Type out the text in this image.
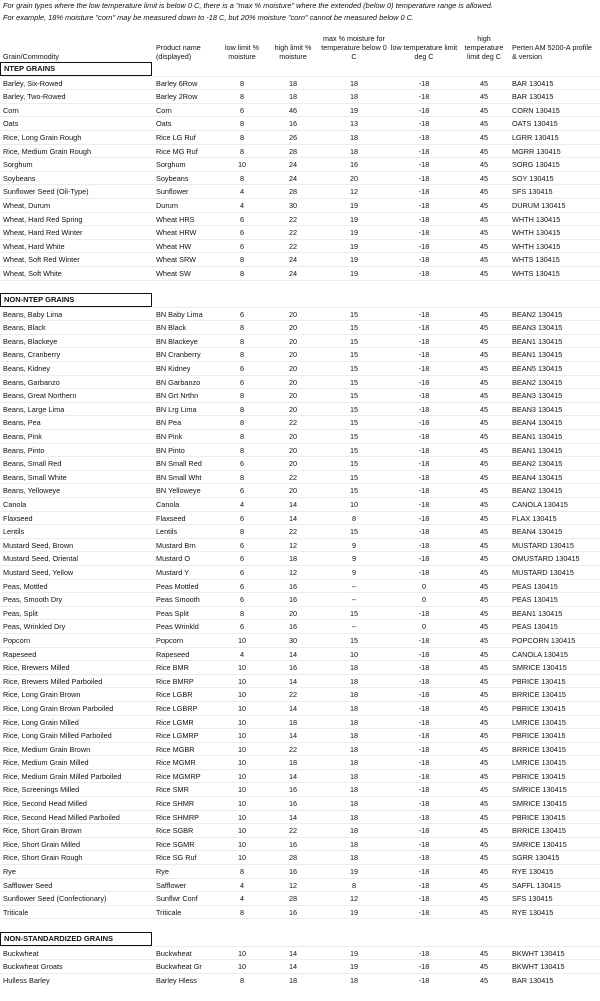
For grain types where the low temperature limit is below 0 C, there is a "max % moisture" where the extended (below 0) temperature range is allowed.
For example, 18% moisture "corn" may be measured down to -18 C, but 20% moisture "corn" cannot be measured below 0 C.
Grain/Commodity
Product name (displayed)
low limit % moisture
high limit % moisture
max % moisture for temperature below 0 C
low temperature limit deg C
high temperature limit deg C
Perten AM 5200-A profile & version
NTEP GRAINS
Barley, Six-Rowed	Barley 6Row	8	18	18	-18	45	BAR 130415
Barley, Two-Rowed	Barley 2Row	8	18	18	-18	45	BAR 130415
Corn	Corn	6	46	19	-18	45	CORN 130415
Oats	Oats	8	16	13	-18	45	OATS 130415
Rice, Long Grain Rough	Rice LG Ruf	8	26	18	-18	45	LGRR 130415
Rice, Medium Grain Rough	Rice MG Ruf	8	28	18	-18	45	MGRR 130415
Sorghum	Sorghum	10	24	16	-18	45	SORG 130415
Soybeans	Soybeans	8	24	20	-18	45	SOY 130415
Sunflower Seed (Oil-Type)	Sunflower	4	28	12	-18	45	SFS 130415
Wheat, Durum	Durum	4	30	19	-18	45	DURUM 130415
Wheat, Hard Red Spring	Wheat HRS	6	22	19	-18	45	WHTH 130415
Wheat, Hard Red Winter	Wheat HRW	6	22	19	-18	45	WHTH 130415
Wheat, Hard White	Wheat HW	6	22	19	-18	45	WHTH 130415
Wheat, Soft Red Winter	Wheat SRW	8	24	19	-18	45	WHTS 130415
Wheat, Soft White	Wheat SW	8	24	19	-18	45	WHTS 130415
NON-NTEP GRAINS
Beans, Baby Lima	BN Baby Lima	6	20	15	-18	45	BEAN2 130415
Beans, Black	BN Black	8	20	15	-18	45	BEAN3 130415
Beans, Blackeye	BN Blackeye	8	20	15	-18	45	BEAN1 130415
Beans, Cranberry	BN Cranberry	8	20	15	-18	45	BEAN1 130415
Beans, Kidney	BN Kidney	6	20	15	-18	45	BEAN5 130415
Beans, Garbanzo	BN Garbanzo	6	20	15	-18	45	BEAN2 130415
Beans, Great Northern	BN Grt Nrthn	8	20	15	-18	45	BEAN3 130415
Beans, Large Lima	BN Lrg Lima	8	20	15	-18	45	BEAN3 130415
Beans, Pea	BN Pea	8	22	15	-18	45	BEAN4 130415
Beans, Pink	BN Pink	8	20	15	-18	45	BEAN1 130415
Beans, Pinto	BN Pinto	8	20	15	-18	45	BEAN1 130415
Beans, Small Red	BN Small Red	6	20	15	-18	45	BEAN2 130415
Beans, Small White	BN Small Wht	8	22	15	-18	45	BEAN4 130415
Beans, Yelloweye	BN Yelloweye	6	20	15	-18	45	BEAN2 130415
Canola	Canola	4	14	10	-18	45	CANOLA 130415
Flaxseed	Flaxseed	6	14	8	-18	45	FLAX 130415
Lentils	Lentils	8	22	15	-18	45	BEAN4 130415
Mustard Seed, Brown	Mustard Brn	6	12	9	-18	45	MUSTARD 130415
Mustard Seed, Oriental	Mustard O	6	18	9	-18	45	OMUSTARD 130415
Mustard Seed, Yellow	Mustard Y	6	12	9	-18	45	MUSTARD 130415
Peas, Mottled	Peas Mottled	6	16	--	0	45	PEAS 130415
Peas, Smooth Dry	Peas Smooth	6	16	--	0	45	PEAS 130415
Peas, Split	Peas Split	8	20	15	-18	45	BEAN1 130415
Peas, Wrinkled Dry	Peas Wrinkld	6	16	--	0	45	PEAS 130415
Popcorn	Popcorn	10	30	15	-18	45	POPCORN 130415
Rapeseed	Rapeseed	4	14	10	-18	45	CANOLA 130415
Rice, Brewers Milled	Rice BMR	10	16	18	-18	45	SMRICE 130415
Rice, Brewers Milled Parboiled	Rice BMRP	10	14	18	-18	45	PBRICE 130415
Rice, Long Grain Brown	Rice LGBR	10	22	18	-18	45	BRRICE 130415
Rice, Long Grain Brown Parboiled	Rice LGBRP	10	14	18	-18	45	PBRICE 130415
Rice, Long Grain Milled	Rice LGMR	10	18	18	-18	45	LMRICE 130415
Rice, Long Grain Milled Parboiled	Rice LGMRP	10	14	18	-18	45	PBRICE 130415
Rice, Medium Grain Brown	Rice MGBR	10	22	18	-18	45	BRRICE 130415
Rice, Medium Grain Milled	Rice MGMR	10	18	18	-18	45	LMRICE 130415
Rice, Medium Grain Milled Parboiled	Rice MGMRP	10	14	18	-18	45	PBRICE 130415
Rice, Screenings Milled	Rice SMR	10	16	18	-18	45	SMRICE 130415
Rice, Second Head Milled	Rice SHMR	10	16	18	-18	45	SMRICE 130415
Rice, Second Head Milled Parboiled	Rice SHMRP	10	14	18	-18	45	PBRICE 130415
Rice, Short Grain Brown	Rice SGBR	10	22	18	-18	45	BRRICE 130415
Rice, Short Grain Milled	Rice SGMR	10	16	18	-18	45	SMRICE 130415
Rice, Short Grain Rough	Rice SG Ruf	10	28	18	-18	45	SGRR 130415
Rye	Rye	8	16	19	-18	45	RYE 130415
Safflower Seed	Safflower	4	12	8	-18	45	SAFFL 130415
Sunflower Seed (Confectionary)	Sunflwr Conf	4	28	12	-18	45	SFS 130415
Triticale	Triticale	8	16	19	-18	45	RYE 130415
NON-STANDARDIZED GRAINS
Buckwheat	Buckwheat	10	14	19	-18	45	BKWHT 130415
Buckwheat Groats	Buckwheat Gr	10	14	19	-18	45	BKWHT 130415
Hulless Barley	Barley Hless	8	18	18	-18	45	BAR 130415
